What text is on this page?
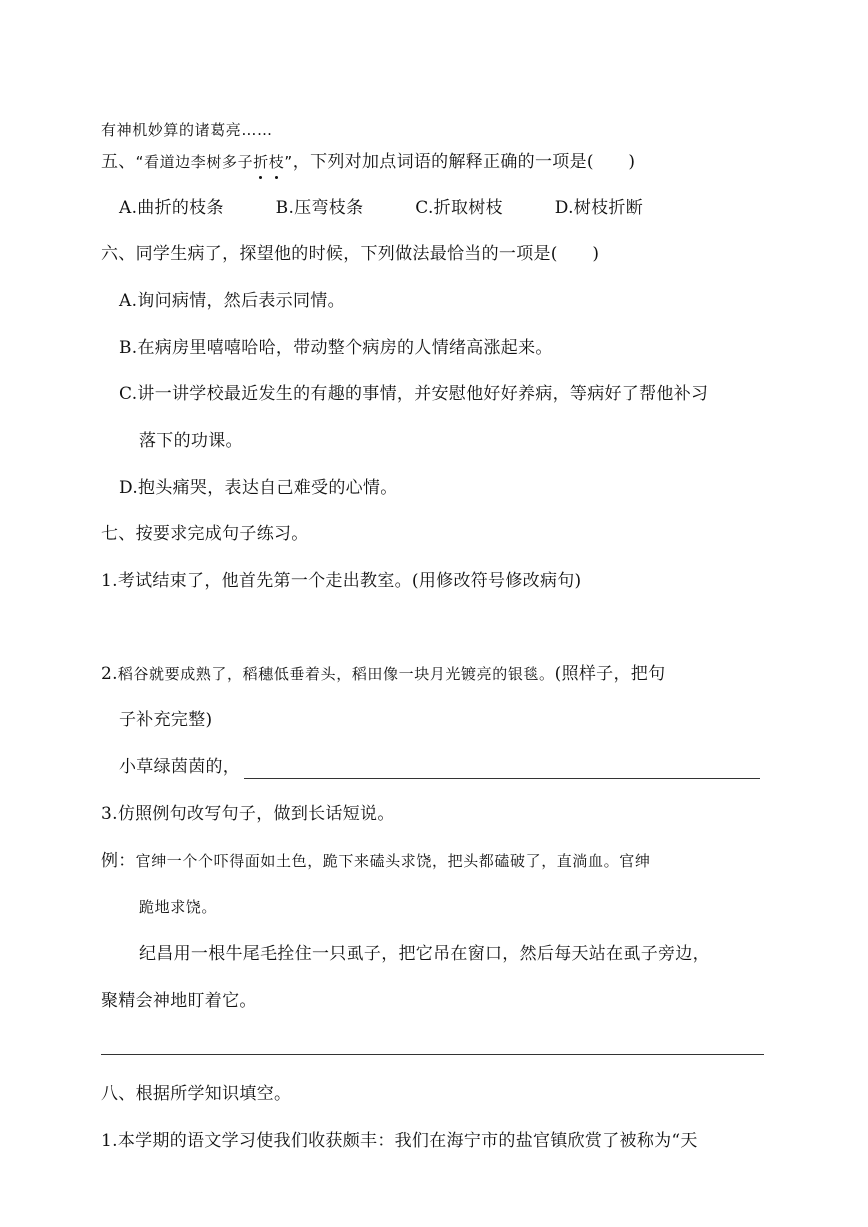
有神机妙算的诸葛亮……
五、“看道边李树多子折枝”，下列对加点词语的解释正确的一项是(　　)
A.曲折的枝条　　　B.压弯枝条　　　C.折取树枝　　　D.树枝折断
六、同学生病了，探望他的时候，下列做法最恰当的一项是(　　)
A.询问病情，然后表示同情。
B.在病房里嘻嘻哈哈，带动整个病房的人情绪高涨起来。
C.讲一讲学校最近发生的有趣的事情，并安慰他好好养病，等病好了帮他补习
落下的功课。
D.抱头痛哭，表达自己难受的心情。
七、按要求完成句子练习。
1.考试结束了，他首先第一个走出教室。(用修改符号修改病句)
2.稻谷就要成熟了，稻穗低垂着头，稻田像一块月光镀亮的银毯。(照样子，把句
子补充完整)
小草绿茵茵的，
3.仿照例句改写句子，做到长话短说。
例：官绅一个个吓得面如土色，跪下来磕头求饶，把头都磕破了，直淌血。官绅
跪地求饶。
纪昌用一根牛尾毛拴住一只虱子，把它吊在窗口，然后每天站在虱子旁边，
聚精会神地盯着它。
八、根据所学知识填空。
1.本学期的语文学习使我们收获颇丰：我们在海宁市的盐官镇欣赏了被称为“天
